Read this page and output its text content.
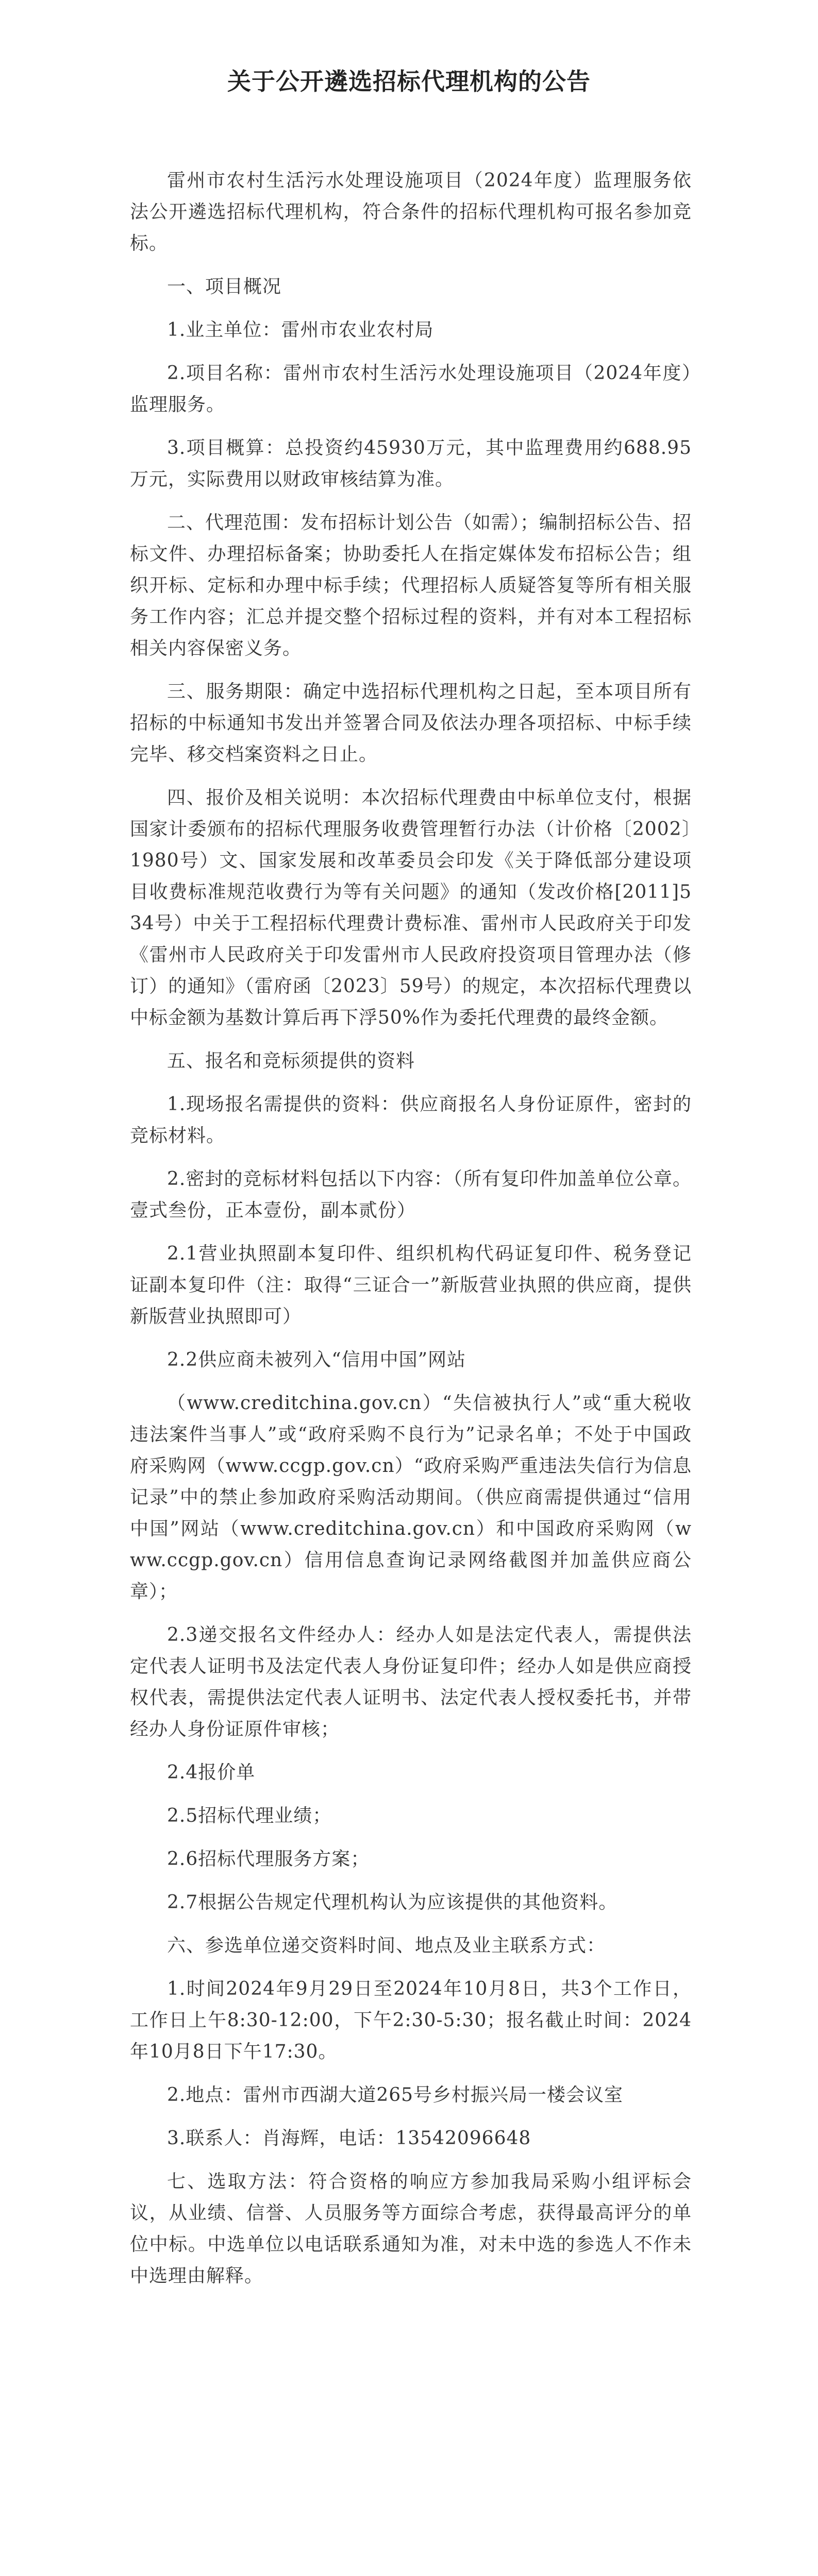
关于公开遴选招标代理机构的公告

雷州市农村生活污水处理设施项目（2024年度）监理服务依法公开遴选招标代理机构，符合条件的招标代理机构可报名参加竞标。

一、项目概况

1.业主单位：雷州市农业农村局

2.项目名称：雷州市农村生活污水处理设施项目（2024年度）监理服务。

3.项目概算：总投资约45930万元，其中监理费用约688.95万元，实际费用以财政审核结算为准。

二、代理范围：发布招标计划公告（如需）；编制招标公告、招标文件、办理招标备案；协助委托人在指定媒体发布招标公告；组织开标、定标和办理中标手续；代理招标人质疑答复等所有相关服务工作内容；汇总并提交整个招标过程的资料，并有对本工程招标相关内容保密义务。

三、服务期限：确定中选招标代理机构之日起，至本项目所有招标的中标通知书发出并签署合同及依法办理各项招标、中标手续完毕、移交档案资料之日止。

四、报价及相关说明：本次招标代理费由中标单位支付，根据国家计委颁布的招标代理服务收费管理暂行办法（计价格〔2002〕1980号）文、国家发展和改革委员会印发《关于降低部分建设项目收费标准规范收费行为等有关问题》的通知（发改价格[2011]534号）中关于工程招标代理费计费标准、雷州市人民政府关于印发《雷州市人民政府关于印发雷州市人民政府投资项目管理办法（修订）的通知》（雷府函〔2023〕59号）的规定，本次招标代理费以中标金额为基数计算后再下浮50%作为委托代理费的最终金额。

五、报名和竞标须提供的资料

1.现场报名需提供的资料：供应商报名人身份证原件，密封的竞标材料。

2.密封的竞标材料包括以下内容：（所有复印件加盖单位公章。壹式叁份，正本壹份，副本贰份）

2.1营业执照副本复印件、组织机构代码证复印件、税务登记证副本复印件（注：取得“三证合一”新版营业执照的供应商，提供新版营业执照即可）

2.2供应商未被列入“信用中国”网站

（www.creditchina.gov.cn）“失信被执行人”或“重大税收违法案件当事人”或“政府采购不良行为”记录名单；不处于中国政府采购网（www.ccgp.gov.cn）“政府采购严重违法失信行为信息记录”中的禁止参加政府采购活动期间。（供应商需提供通过“信用中国”网站（www.creditchina.gov.cn）和中国政府采购网（www.ccgp.gov.cn）信用信息查询记录网络截图并加盖供应商公章）；

2.3递交报名文件经办人：经办人如是法定代表人，需提供法定代表人证明书及法定代表人身份证复印件；经办人如是供应商授权代表，需提供法定代表人证明书、法定代表人授权委托书，并带经办人身份证原件审核；

2.4报价单

2.5招标代理业绩；

2.6招标代理服务方案；

2.7根据公告规定代理机构认为应该提供的其他资料。

六、参选单位递交资料时间、地点及业主联系方式：

1.时间2024年9月29日至2024年10月8日，共3个工作日，工作日上午8:30-12:00，下午2:30-5:30；报名截止时间：2024年10月8日下午17:30。

2.地点：雷州市西湖大道265号乡村振兴局一楼会议室

3.联系人：肖海辉，电话：13542096648

七、选取方法：符合资格的响应方参加我局采购小组评标会议，从业绩、信誉、人员服务等方面综合考虑，获得最高评分的单位中标。中选单位以电话联系通知为准，对未中选的参选人不作未中选理由解释。
